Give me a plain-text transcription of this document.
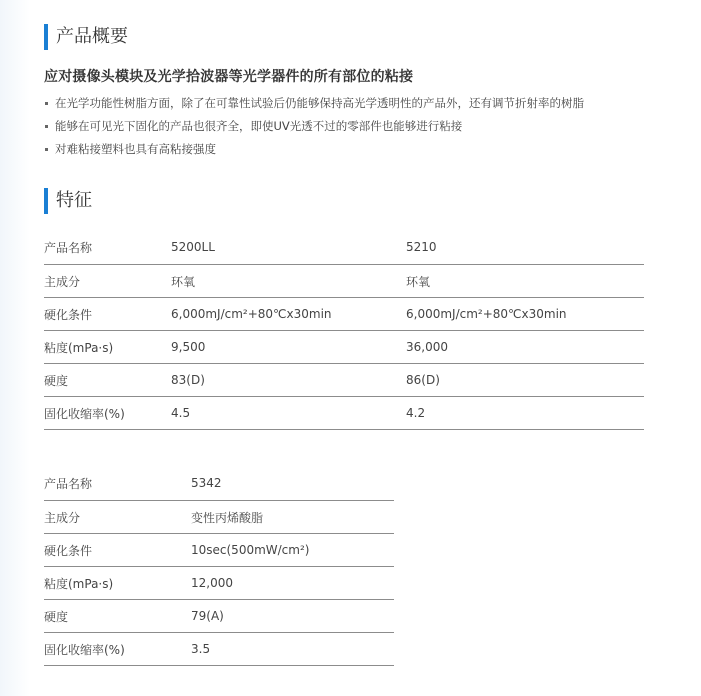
产品概要
应对摄像头模块及光学拾波器等光学器件的所有部位的粘接
在光学功能性树脂方面，除了在可靠性试验后仍能够保持高光学透明性的产品外，还有调节折射率的树脂
能够在可见光下固化的产品也很齐全，即使UV光透不过的零部件也能够进行粘接
对难粘接塑料也具有高粘接强度
特征
产品名称	5200LL	5210
主成分	环氧	环氧
硬化条件	6,000mJ/cm²+80℃x30min	6,000mJ/cm²+80℃x30min
粘度(mPa·s)	9,500	36,000
硬度	83(D)	86(D)
固化收缩率(%)	4.5	4.2
产品名称	5342
主成分	变性丙烯酸脂
硬化条件	10sec(500mW/cm²)
粘度(mPa·s)	12,000
硬度	79(A)
固化收缩率(%)	3.5
